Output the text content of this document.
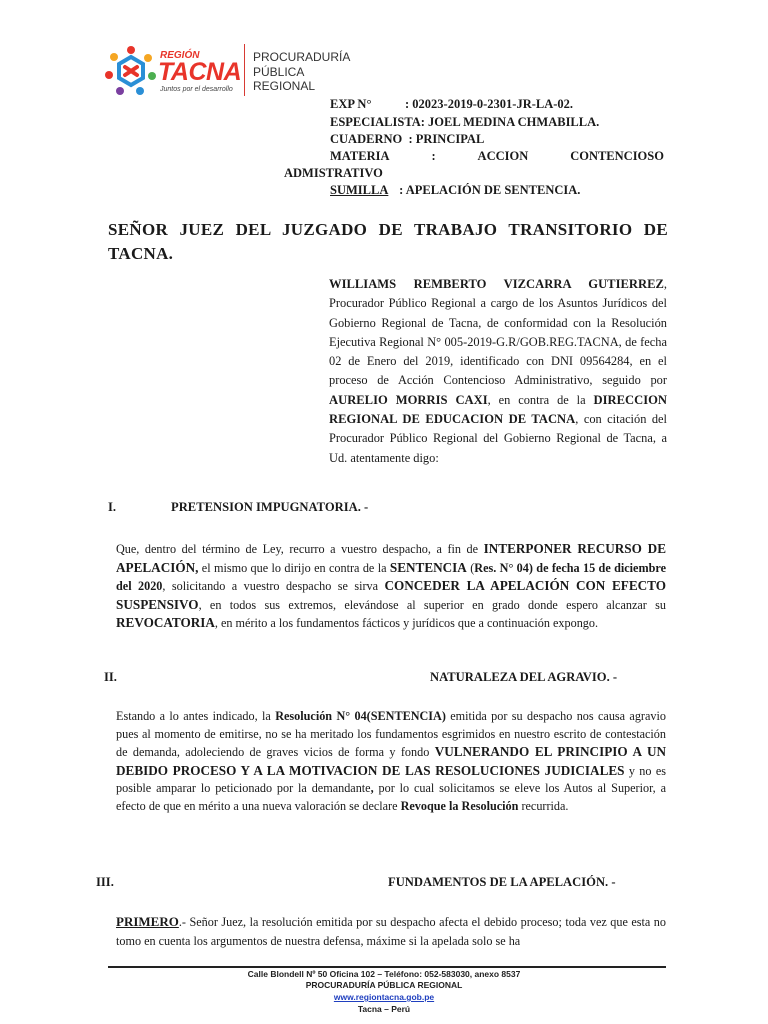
REGIÓN
TACNA
Juntos por el desarrollo
PROCURADURÍA
PÚBLICA
REGIONAL
EXP N°	: 02023-2019-0-2301-JR-LA-02.
ESPECIALISTA: JOEL MEDINA CHMABILLA.
CUADERNO  : PRINCIPAL
MATERIA	:	ACCION	CONTENCIOSO
ADMISTRATIVO
SUMILLA : APELACIÓN DE SENTENCIA.
SEÑOR JUEZ DEL JUZGADO DE TRABAJO TRANSITORIO DE TACNA.
WILLIAMS REMBERTO VIZCARRA GUTIERREZ, Procurador Público Regional a cargo de los Asuntos Jurídicos del Gobierno Regional de Tacna, de conformidad con la Resolución Ejecutiva Regional N° 005-2019-G.R/GOB.REG.TACNA, de fecha 02 de Enero del 2019, identificado con DNI 09564284, en el proceso de Acción Contencioso Administrativo, seguido por AURELIO MORRIS CAXI, en contra de la DIRECCION REGIONAL DE EDUCACION DE TACNA, con citación del Procurador Público Regional del Gobierno Regional de Tacna, a Ud. atentamente digo:
I.	PRETENSION IMPUGNATORIA. -
Que, dentro del término de Ley, recurro a vuestro despacho, a fin de INTERPONER RECURSO DE APELACIÓN, el mismo que lo dirijo en contra de la SENTENCIA (Res. N° 04) de fecha 15 de diciembre del 2020, solicitando a vuestro despacho se sirva CONCEDER LA APELACIÓN CON EFECTO SUSPENSIVO, en todos sus extremos, elevándose al superior en grado donde espero alcanzar su REVOCATORIA, en mérito a los fundamentos fácticos y jurídicos que a continuación expongo.
II.	NATURALEZA DEL AGRAVIO. -
Estando a lo antes indicado, la Resolución N° 04(SENTENCIA) emitida por su despacho nos causa agravio pues al momento de emitirse, no se ha meritado los fundamentos esgrimidos en nuestro escrito de contestación de demanda, adoleciendo de graves vicios de forma y fondo VULNERANDO EL PRINCIPIO A UN DEBIDO PROCESO Y A LA MOTIVACION DE LAS RESOLUCIONES JUDICIALES y no es posible amparar lo peticionado por la demandante, por lo cual solicitamos se eleve los Autos al Superior, a efecto de que en mérito a una nueva valoración se declare Revoque la Resolución recurrida.
III.	FUNDAMENTOS DE LA APELACIÓN. -
PRIMERO.- Señor Juez, la resolución emitida por su despacho afecta el debido proceso; toda vez que esta no tomo en cuenta los argumentos de nuestra defensa, máxime si la apelada solo se ha
Calle Blondell Nº 50 Oficina 102 – Teléfono: 052-583030, anexo 8537
PROCURADURÍA PÚBLICA REGIONAL
www.regiontacna.gob.pe
Tacna – Perú
